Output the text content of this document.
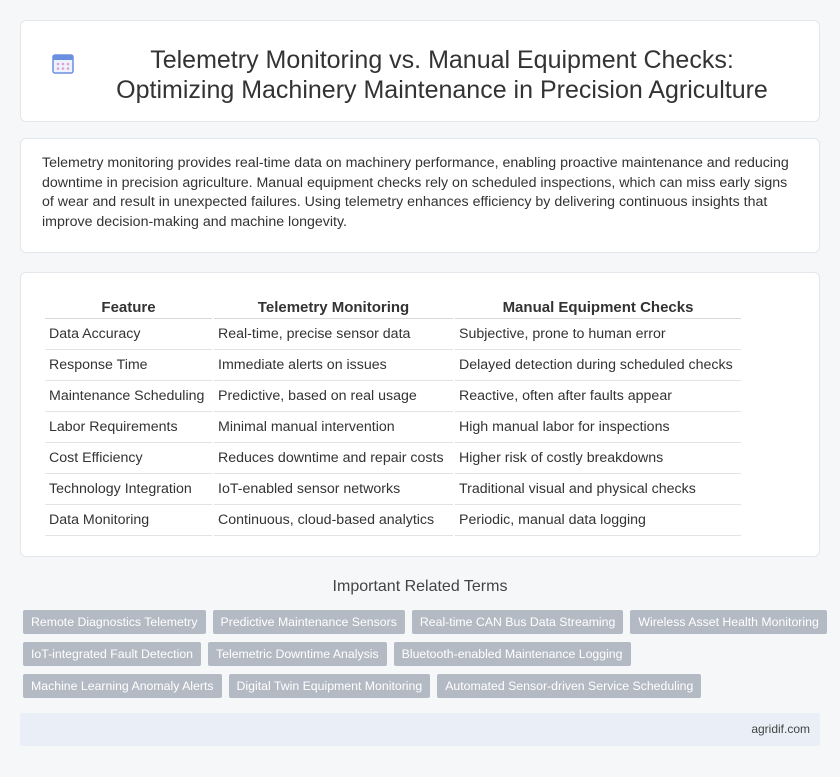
Telemetry Monitoring vs. Manual Equipment Checks: Optimizing Machinery Maintenance in Precision Agriculture

Telemetry monitoring provides real-time data on machinery performance, enabling proactive maintenance and reducing downtime in precision agriculture. Manual equipment checks rely on scheduled inspections, which can miss early signs of wear and result in unexpected failures. Using telemetry enhances efficiency by delivering continuous insights that improve decision-making and machine longevity.

Feature	Telemetry Monitoring	Manual Equipment Checks
Data Accuracy	Real-time, precise sensor data	Subjective, prone to human error
Response Time	Immediate alerts on issues	Delayed detection during scheduled checks
Maintenance Scheduling	Predictive, based on real usage	Reactive, often after faults appear
Labor Requirements	Minimal manual intervention	High manual labor for inspections
Cost Efficiency	Reduces downtime and repair costs	Higher risk of costly breakdowns
Technology Integration	IoT-enabled sensor networks	Traditional visual and physical checks
Data Monitoring	Continuous, cloud-based analytics	Periodic, manual data logging
Important Related Terms
Remote Diagnostics Telemetry	Predictive Maintenance Sensors	Real-time CAN Bus Data Streaming	Wireless Asset Health Monitoring
IoT-integrated Fault Detection	Telemetric Downtime Analysis	Bluetooth-enabled Maintenance Logging
Machine Learning Anomaly Alerts	Digital Twin Equipment Monitoring	Automated Sensor-driven Service Scheduling
agridif.com
